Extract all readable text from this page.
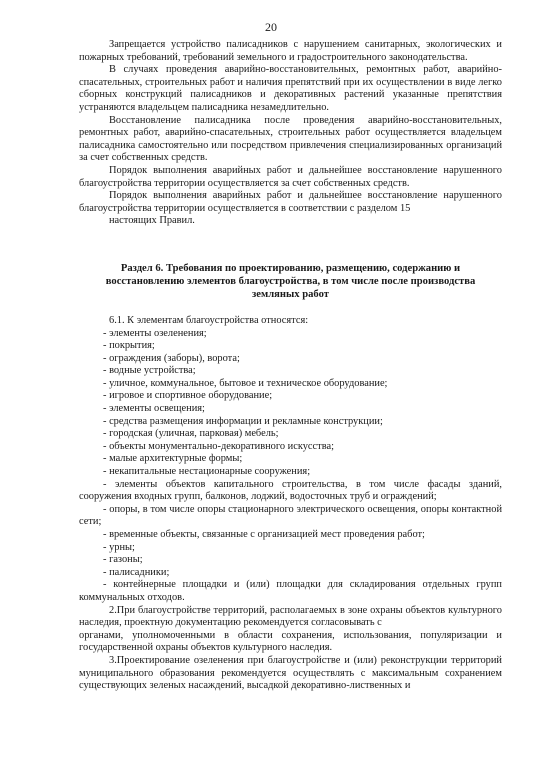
20

Запрещается устройство палисадников с нарушением санитарных, экологических и пожарных требований, требований земельного и градостроительного законодательства.

В случаях проведения аварийно-восстановительных, ремонтных работ, аварийно-спасательных, строительных работ и наличия препятствий при их осуществлении в виде легко сборных конструкций палисадников и декоративных растений указанные препятствия устраняются владельцем палисадника незамедлительно.

Восстановление палисадника после проведения аварийно-восстановительных, ремонтных работ, аварийно-спасательных, строительных работ осуществляется владельцем палисадника самостоятельно или посредством привлечения специализированных организаций за счет собственных средств.

Порядок выполнения аварийных работ и дальнейшее восстановление нарушенного благоустройства территории осуществляется за счет собственных средств.

Порядок выполнения аварийных работ и дальнейшее восстановление нарушенного благоустройства территории осуществляется в соответствии с разделом 15

настоящих Правил.

Раздел 6. Требования по проектированию, размещению, содержанию и восстановлению элементов благоустройства, в том числе после производства земляных работ

6.1. К элементам благоустройства относятся:

- элементы озеленения;

- покрытия;

- ограждения (заборы), ворота;

- водные устройства;

- уличное, коммунальное, бытовое и техническое оборудование;

- игровое и спортивное оборудование;

- элементы освещения;

- средства размещения информации и рекламные конструкции;

- городская (уличная, парковая) мебель;

- объекты монументально-декоративного искусства;

- малые архитектурные формы;

- некапитальные нестационарные сооружения;

- элементы объектов капитального строительства, в том числе фасады зданий, сооружения входных групп, балконов, лоджий, водосточных труб и ограждений;

- опоры, в том числе опоры стационарного электрического освещения, опоры контактной сети;

- временные объекты, связанные с организацией мест проведения работ;

- урны;

- газоны;

- палисадники;

- контейнерные площадки и (или) площадки для складирования отдельных групп коммунальных отходов.

2.При благоустройстве территорий, располагаемых в зоне охраны объектов культурного наследия, проектную документацию рекомендуется согласовывать с

органами, уполномоченными в области сохранения, использования, популяризации и государственной охраны объектов культурного наследия.

3.Проектирование озеленения при благоустройстве и (или) реконструкции территорий муниципального образования рекомендуется осуществлять с максимальным сохранением существующих зеленых насаждений, высадкой декоративно-лиственных и
